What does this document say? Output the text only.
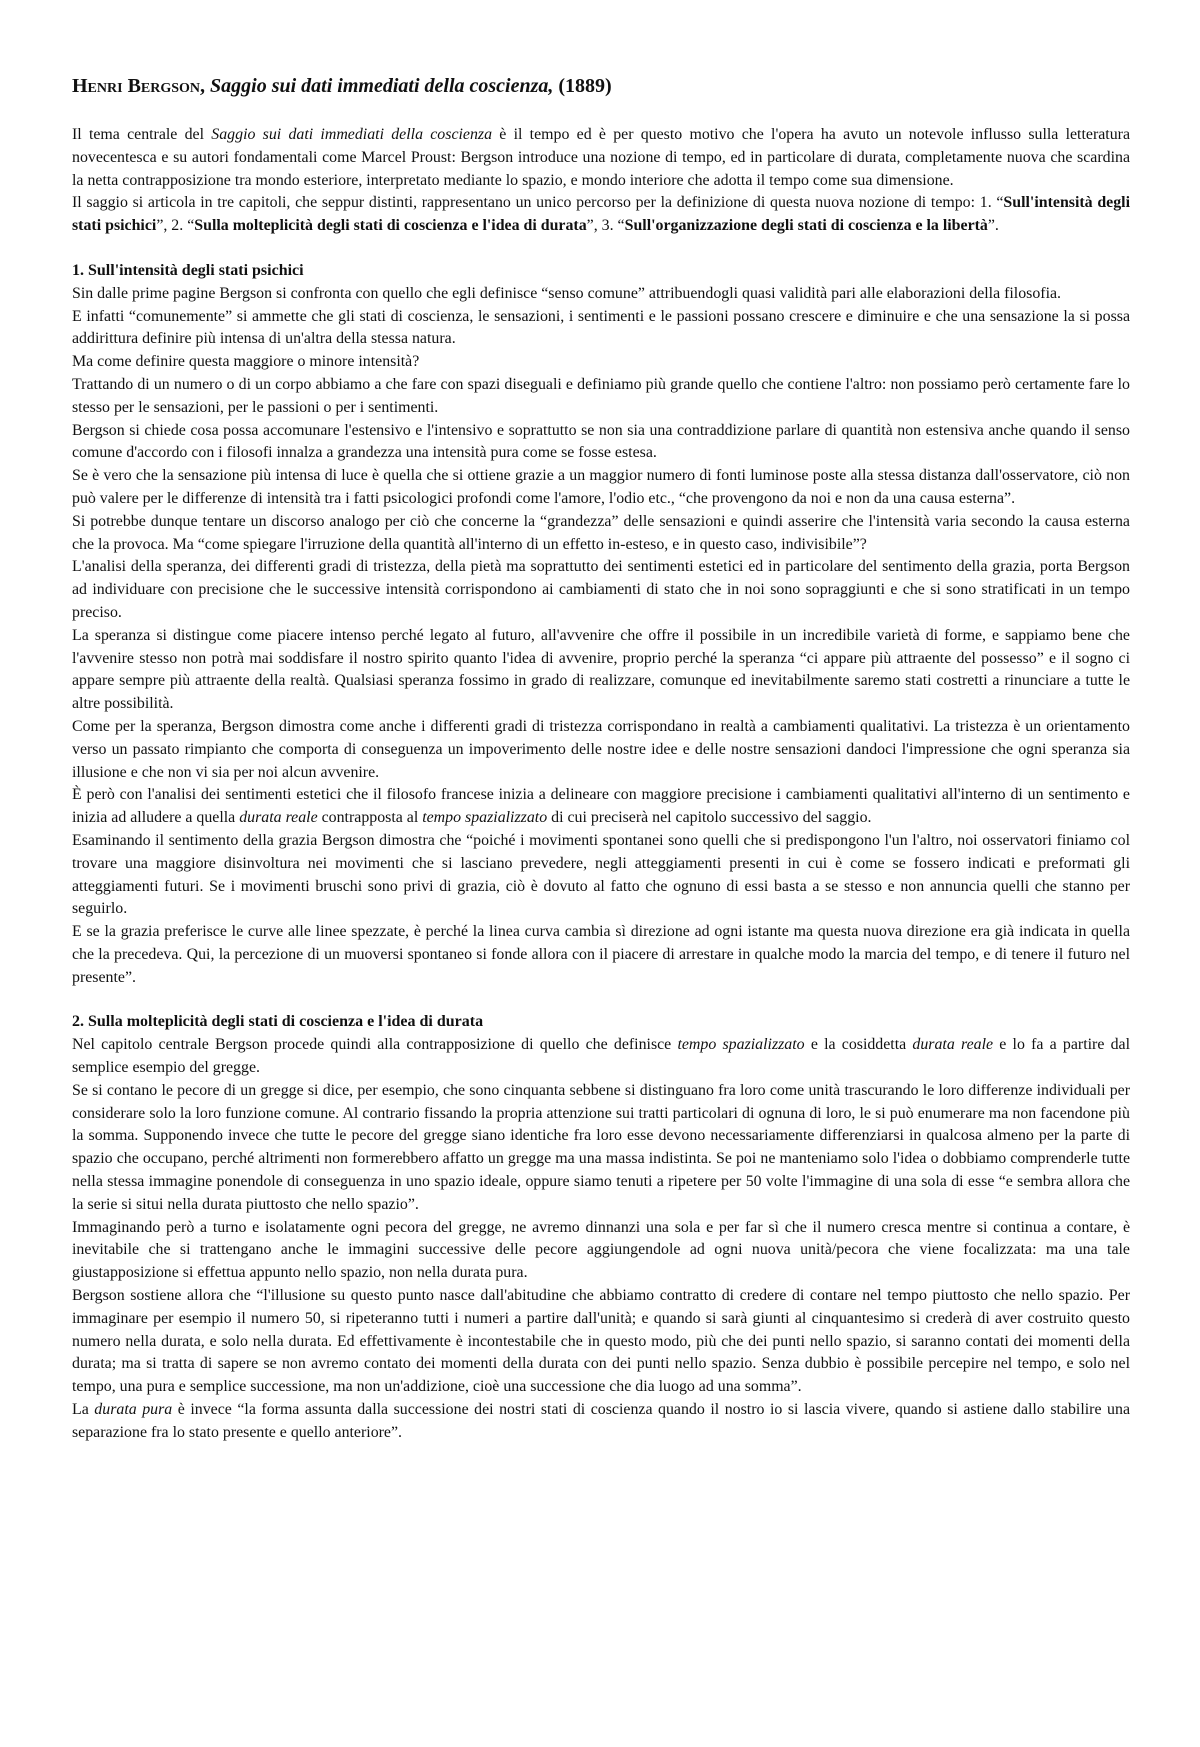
Henri Bergson, Saggio sui dati immediati della coscienza, (1889)

Il tema centrale del Saggio sui dati immediati della coscienza è il tempo ed è per questo motivo che l'opera ha avuto un notevole influsso sulla letteratura novecentesca e su autori fondamentali come Marcel Proust: Bergson introduce una nozione di tempo, ed in particolare di durata, completamente nuova che scardina la netta contrapposizione tra mondo esteriore, interpretato mediante lo spazio, e mondo interiore che adotta il tempo come sua dimensione.

Il saggio si articola in tre capitoli, che seppur distinti, rappresentano un unico percorso per la definizione di questa nuova nozione di tempo: 1. “Sull'intensità degli stati psichici”, 2. “Sulla molteplicità degli stati di coscienza e l'idea di durata”, 3. “Sull'organizzazione degli stati di coscienza e la libertà”.

1. Sull'intensità degli stati psichici

Sin dalle prime pagine Bergson si confronta con quello che egli definisce “senso comune” attribuendogli quasi validità pari alle elaborazioni della filosofia.

E infatti “comunemente” si ammette che gli stati di coscienza, le sensazioni, i sentimenti e le passioni possano crescere e diminuire e che una sensazione la si possa addirittura definire più intensa di un'altra della stessa natura.

Ma come definire questa maggiore o minore intensità?

Trattando di un numero o di un corpo abbiamo a che fare con spazi diseguali e definiamo più grande quello che contiene l'altro: non possiamo però certamente fare lo stesso per le sensazioni, per le passioni o per i sentimenti.

Bergson si chiede cosa possa accomunare l'estensivo e l'intensivo e soprattutto se non sia una contraddizione parlare di quantità non estensiva anche quando il senso comune d'accordo con i filosofi innalza a grandezza una intensità pura come se fosse estesa.

Se è vero che la sensazione più intensa di luce è quella che si ottiene grazie a un maggior numero di fonti luminose poste alla stessa distanza dall'osservatore, ciò non può valere per le differenze di intensità tra i fatti psicologici profondi come l'amore, l'odio etc., “che provengono da noi e non da una causa esterna”.

Si potrebbe dunque tentare un discorso analogo per ciò che concerne la “grandezza” delle sensazioni e quindi asserire che l'intensità varia secondo la causa esterna che la provoca. Ma “come spiegare l'irruzione della quantità all'interno di un effetto in-esteso, e in questo caso, indivisibile”?

L'analisi della speranza, dei differenti gradi di tristezza, della pietà ma soprattutto dei sentimenti estetici ed in particolare del sentimento della grazia, porta Bergson ad individuare con precisione che le successive intensità corrispondono ai cambiamenti di stato che in noi sono sopraggiunti e che si sono stratificati in un tempo preciso.

La speranza si distingue come piacere intenso perché legato al futuro, all'avvenire che offre il possibile in un incredibile varietà di forme, e sappiamo bene che l'avvenire stesso non potrà mai soddisfare il nostro spirito quanto l'idea di avvenire, proprio perché la speranza “ci appare più attraente del possesso” e il sogno ci appare sempre più attraente della realtà. Qualsiasi speranza fossimo in grado di realizzare, comunque ed inevitabilmente saremo stati costretti a rinunciare a tutte le altre possibilità.

Come per la speranza, Bergson dimostra come anche i differenti gradi di tristezza corrispondano in realtà a cambiamenti qualitativi. La tristezza è un orientamento verso un passato rimpianto che comporta di conseguenza un impoverimento delle nostre idee e delle nostre sensazioni dandoci l'impressione che ogni speranza sia illusione e che non vi sia per noi alcun avvenire.

È però con l'analisi dei sentimenti estetici che il filosofo francese inizia a delineare con maggiore precisione i cambiamenti qualitativi all'interno di un sentimento e inizia ad alludere a quella durata reale contrapposta al tempo spazializzato di cui preciserà nel capitolo successivo del saggio.

Esaminando il sentimento della grazia Bergson dimostra che “poiché i movimenti spontanei sono quelli che si predispongono l'un l'altro, noi osservatori finiamo col trovare una maggiore disinvoltura nei movimenti che si lasciano prevedere, negli atteggiamenti presenti in cui è come se fossero indicati e preformati gli atteggiamenti futuri. Se i movimenti bruschi sono privi di grazia, ciò è dovuto al fatto che ognuno di essi basta a se stesso e non annuncia quelli che stanno per seguirlo.

E se la grazia preferisce le curve alle linee spezzate, è perché la linea curva cambia sì direzione ad ogni istante ma questa nuova direzione era già indicata in quella che la precedeva. Qui, la percezione di un muoversi spontaneo si fonde allora con il piacere di arrestare in qualche modo la marcia del tempo, e di tenere il futuro nel presente”.

2. Sulla molteplicità degli stati di coscienza e l'idea di durata

Nel capitolo centrale Bergson procede quindi alla contrapposizione di quello che definisce tempo spazializzato e la cosiddetta durata reale e lo fa a partire dal semplice esempio del gregge.

Se si contano le pecore di un gregge si dice, per esempio, che sono cinquanta sebbene si distinguano fra loro come unità trascurando le loro differenze individuali per considerare solo la loro funzione comune. Al contrario fissando la propria attenzione sui tratti particolari di ognuna di loro, le si può enumerare ma non facendone più la somma. Supponendo invece che tutte le pecore del gregge siano identiche fra loro esse devono necessariamente differenziarsi in qualcosa almeno per la parte di spazio che occupano, perché altrimenti non formerebbero affatto un gregge ma una massa indistinta. Se poi ne manteniamo solo l'idea o dobbiamo comprenderle tutte nella stessa immagine ponendole di conseguenza in uno spazio ideale, oppure siamo tenuti a ripetere per 50 volte l'immagine di una sola di esse “e sembra allora che la serie si situi nella durata piuttosto che nello spazio”.

Immaginando però a turno e isolatamente ogni pecora del gregge, ne avremo dinnanzi una sola e per far sì che il numero cresca mentre si continua a contare, è inevitabile che si trattengano anche le immagini successive delle pecore aggiungendole ad ogni nuova unità/pecora che viene focalizzata: ma una tale giustapposizione si effettua appunto nello spazio, non nella durata pura.

Bergson sostiene allora che “l'illusione su questo punto nasce dall'abitudine che abbiamo contratto di credere di contare nel tempo piuttosto che nello spazio. Per immaginare per esempio il numero 50, si ripeteranno tutti i numeri a partire dall'unità; e quando si sarà giunti al cinquantesimo si crederà di aver costruito questo numero nella durata, e solo nella durata. Ed effettivamente è incontestabile che in questo modo, più che dei punti nello spazio, si saranno contati dei momenti della durata; ma si tratta di sapere se non avremo contato dei momenti della durata con dei punti nello spazio. Senza dubbio è possibile percepire nel tempo, e solo nel tempo, una pura e semplice successione, ma non un'addizione, cioè una successione che dia luogo ad una somma”.

La durata pura è invece “la forma assunta dalla successione dei nostri stati di coscienza quando il nostro io si lascia vivere, quando si astiene dallo stabilire una separazione fra lo stato presente e quello anteriore”.
